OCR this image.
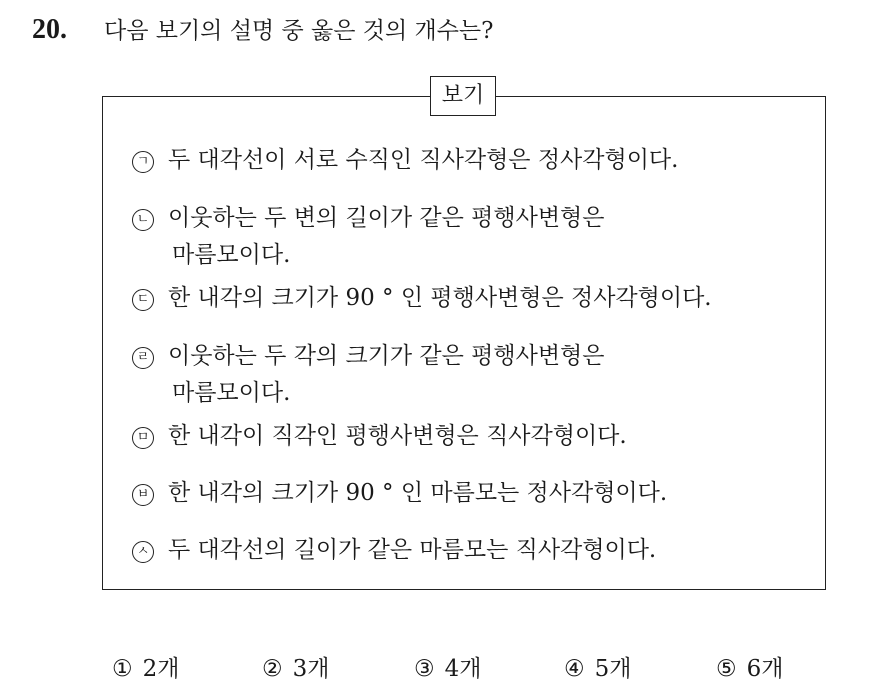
20. 다음 보기의 설명 중 옳은 것의 개수는?
보기
ㄱ 두 대각선이 서로 수직인 직사각형은 정사각형이다.
ㄴ 이웃하는 두 변의 길이가 같은 평행사변형은
마름모이다.
ㄷ 한 내각의 크기가 90 ° 인 평행사변형은 정사각형이다.
ㄹ 이웃하는 두 각의 크기가 같은 평행사변형은
마름모이다.
ㅁ 한 내각이 직각인 평행사변형은 직사각형이다.
ㅂ 한 내각의 크기가 90 ° 인 마름모는 정사각형이다.
ㅅ 두 대각선의 길이가 같은 마름모는 직사각형이다.
① 2개	② 3개	③ 4개	④ 5개	⑤ 6개
